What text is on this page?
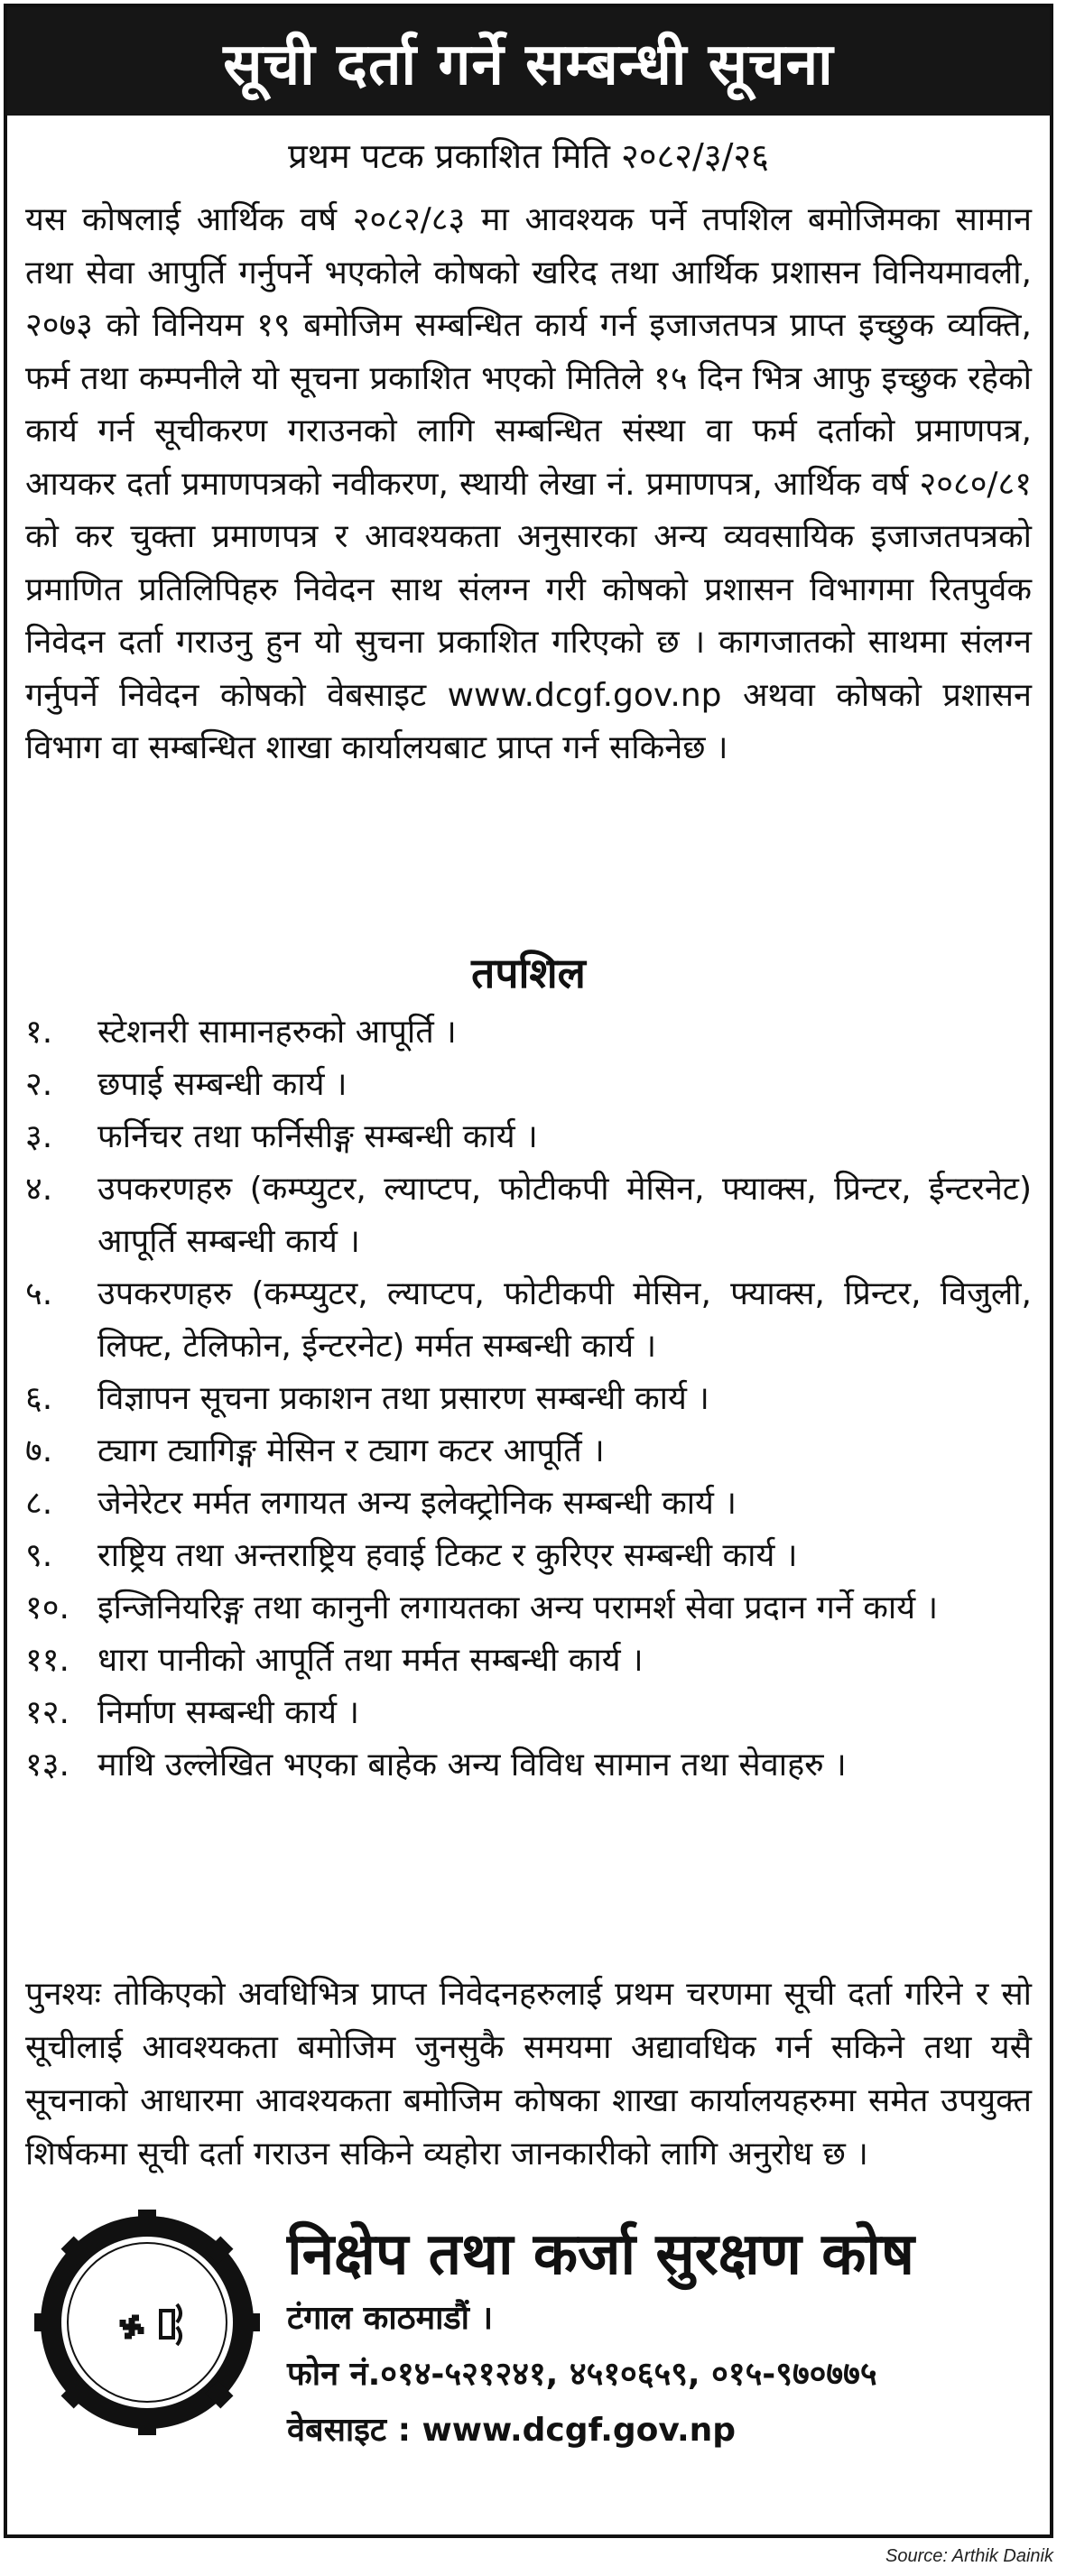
सूची दर्ता गर्ने सम्बन्धी सूचना
प्रथम पटक प्रकाशित मिति २०८२/३/२६
यस कोषलाई आर्थिक वर्ष २०८२/८३ मा आवश्यक पर्ने तपशिल बमोजिमका सामान तथा सेवा आपुर्ति गर्नुपर्ने भएकोले कोषको खरिद तथा आर्थिक प्रशासन विनियमावली, २०७३ को विनियम १९ बमोजिम सम्बन्धित कार्य गर्न इजाजतपत्र प्राप्त इच्छुक व्यक्ति, फर्म तथा कम्पनीले यो सूचना प्रकाशित भएको मितिले १५ दिन भित्र आफु इच्छुक रहेको कार्य गर्न सूचीकरण गराउनको लागि सम्बन्धित संस्था वा फर्म दर्ताको प्रमाणपत्र, आयकर दर्ता प्रमाणपत्रको नवीकरण, स्थायी लेखा नं. प्रमाणपत्र, आर्थिक वर्ष २०८०/८१ को कर चुक्ता प्रमाणपत्र र आवश्यकता अनुसारका अन्य व्यवसायिक इजाजतपत्रको प्रमाणित प्रतिलिपिहरु निवेदन साथ संलग्न गरी कोषको प्रशासन विभागमा रितपुर्वक निवेदन दर्ता गराउनु हुन यो सुचना प्रकाशित गरिएको छ । कागजातको साथमा संलग्न गर्नुपर्ने निवेदन कोषको वेबसाइट www.dcgf.gov.np अथवा कोषको प्रशासन विभाग वा सम्बन्धित शाखा कार्यालयबाट प्राप्त गर्न सकिनेछ ।
तपशिल
१.	स्टेशनरी सामानहरुको आपूर्ति ।
२.	छपाई सम्बन्धी कार्य ।
३.	फर्निचर तथा फर्निसीङ्ग सम्बन्धी कार्य ।
४.	उपकरणहरु (कम्प्युटर, ल्याप्टप, फोटीकपी मेसिन, फ्याक्स, प्रिन्टर, ईन्टरनेट) आपूर्ति सम्बन्धी कार्य ।
५.	उपकरणहरु (कम्प्युटर, ल्याप्टप, फोटीकपी मेसिन, फ्याक्स, प्रिन्टर, विजुली, लिफ्ट, टेलिफोन, ईन्टरनेट) मर्मत सम्बन्धी कार्य ।
६.	विज्ञापन सूचना प्रकाशन तथा प्रसारण सम्बन्धी कार्य ।
७.	ट्याग ट्यागिङ्ग मेसिन र ट्याग कटर आपूर्ति ।
८.	जेनेरेटर मर्मत लगायत अन्य इलेक्ट्रोनिक सम्बन्धी कार्य ।
९.	राष्ट्रिय तथा अन्तराष्ट्रिय हवाई टिकट र कुरिएर सम्बन्धी कार्य ।
१०. इन्जिनियरिङ्ग तथा कानुनी लगायतका अन्य परामर्श सेवा प्रदान गर्ने कार्य ।
११. धारा पानीको आपूर्ति तथा मर्मत सम्बन्धी कार्य ।
१२. निर्माण सम्बन्धी कार्य ।
१३. माथि उल्लेखित भएका बाहेक अन्य विविध सामान तथा सेवाहरु ।
पुनश्यः तोकिएको अवधिभित्र प्राप्त निवेदनहरुलाई प्रथम चरणमा सूची दर्ता गरिने र सो सूचीलाई आवश्यकता बमोजिम जुनसुकै समयमा अद्यावधिक गर्न सकिने तथा यसै सूचनाको आधारमा आवश्यकता बमोजिम कोषका शाखा कार्यालयहरुमा समेत उपयुक्त शिर्षकमा सूची दर्ता गराउन सकिने व्यहोरा जानकारीको लागि अनुरोध छ ।
निक्षेप तथा कर्जा सुरक्षण कोष
टंगाल काठमाडौं ।
फोन नं.०१४-५२१२४१, ४५१०६५९, ०१५-९७०७७५
वेबसाइट : www.dcgf.gov.np
Source: Arthik Dainik
